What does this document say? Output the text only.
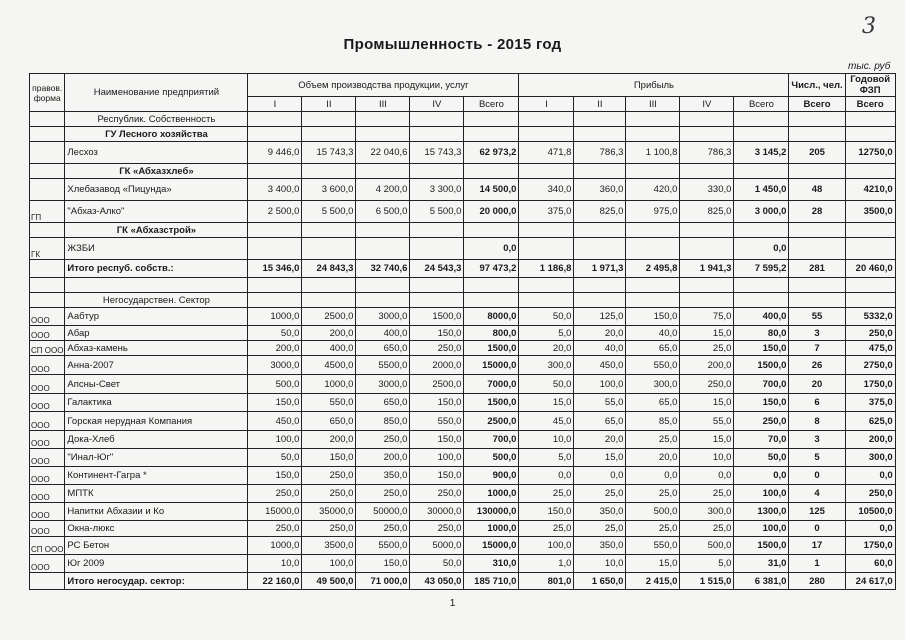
3
Промышленность - 2015 год
тыс. руб
правов. форма	Наименование предприятий	Объем производства продукции, услуг					Прибыль					Числ., чел.	Годовой ФЗП
		I	II	III	IV	Всего	I	II	III	IV	Всего	Всего	Всего
	Республик. Собственность												
	ГУ Лесного хозяйства												
	Лесхоз	9 446,0	15 743,3	22 040,6	15 743,3	62 973,2	471,8	786,3	1 100,8	786,3	3 145,2	205	12750,0
	ГК «Абхазхлеб»												
	Хлебазавод «Пицунда»	3 400,0	3 600,0	4 200,0	3 300,0	14 500,0	340,0	360,0	420,0	330,0	1 450,0	48	4210,0
ГП	"Абхаз-Алко"	2 500,0	5 500,0	6 500,0	5 500,0	20 000,0	375,0	825,0	975,0	825,0	3 000,0	28	3500,0
	ГК «Абхазстрой»												
ГК	ЖЗБИ					0,0					0,0		
	Итого респуб. собств.:	15 346,0	24 843,3	32 740,6	24 543,3	97 473,2	1 186,8	1 971,3	2 495,8	1 941,3	7 595,2	281	20 460,0

	Негосударствен. Сектор												
ООО	Аабтур	1000,0	2500,0	3000,0	1500,0	8000,0	50,0	125,0	150,0	75,0	400,0	55	5332,0
ООО	Абар	50,0	200,0	400,0	150,0	800,0	5,0	20,0	40,0	15,0	80,0	3	250,0
СП ООО	Абхаз-камень	200,0	400,0	650,0	250,0	1500,0	20,0	40,0	65,0	25,0	150,0	7	475,0
ООО	Анна-2007	3000,0	4500,0	5500,0	2000,0	15000,0	300,0	450,0	550,0	200,0	1500,0	26	2750,0
ООО	Апсны-Свет	500,0	1000,0	3000,0	2500,0	7000,0	50,0	100,0	300,0	250,0	700,0	20	1750,0
ООО	Галактика	150,0	550,0	650,0	150,0	1500,0	15,0	55,0	65,0	15,0	150,0	6	375,0
ООО	Горская нерудная Компания	450,0	650,0	850,0	550,0	2500,0	45,0	65,0	85,0	55,0	250,0	8	625,0
ООО	Дока-Хлеб	100,0	200,0	250,0	150,0	700,0	10,0	20,0	25,0	15,0	70,0	3	200,0
ООО	"Инал-Юг"	50,0	150,0	200,0	100,0	500,0	5,0	15,0	20,0	10,0	50,0	5	300,0
ООО	Континент-Гагра *	150,0	250,0	350,0	150,0	900,0	0,0	0,0	0,0	0,0	0,0	0	0,0
ООО	МПТК	250,0	250,0	250,0	250,0	1000,0	25,0	25,0	25,0	25,0	100,0	4	250,0
ООО	Напитки Абхазии и Ко	15000,0	35000,0	50000,0	30000,0	130000,0	150,0	350,0	500,0	300,0	1300,0	125	10500,0
ООО	Окна-люкс	250,0	250,0	250,0	250,0	1000,0	25,0	25,0	25,0	25,0	100,0	0	0,0
СП ООО	РС Бетон	1000,0	3500,0	5500,0	5000,0	15000,0	100,0	350,0	550,0	500,0	1500,0	17	1750,0
ООО	Юг 2009	10,0	100,0	150,0	50,0	310,0	1,0	10,0	15,0	5,0	31,0	1	60,0
	Итого негосудар. сектор:	22 160,0	49 500,0	71 000,0	43 050,0	185 710,0	801,0	1 650,0	2 415,0	1 515,0	6 381,0	280	24 617,0
1
